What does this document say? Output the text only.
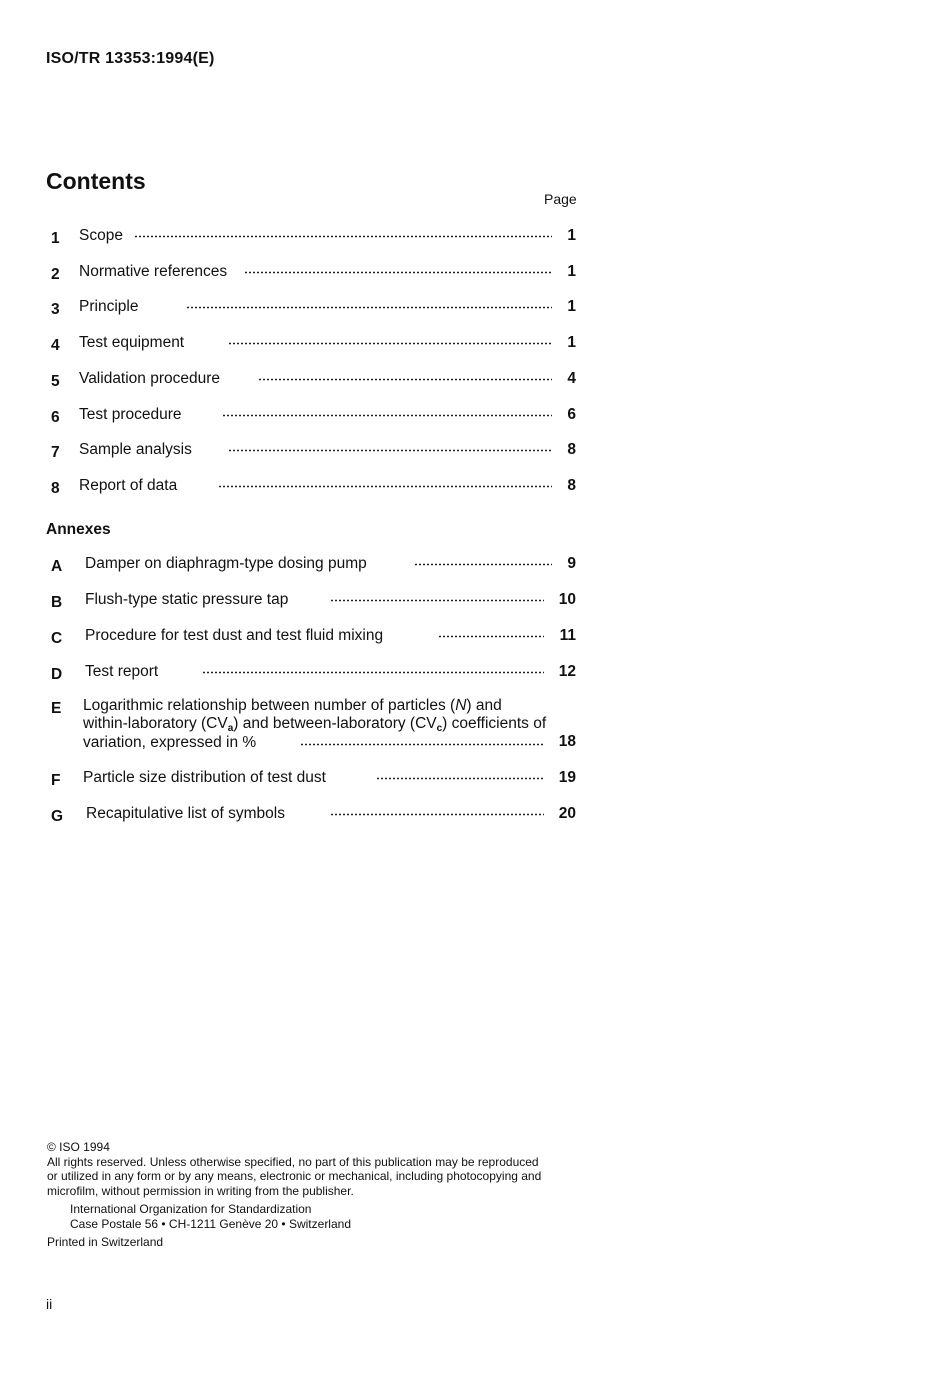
ISO/TR 13353:1994(E)
Contents
Page
1 Scope	1
2 Normative references	1
3 Principle	1
4 Test equipment	1
5 Validation procedure	4
6 Test procedure	6
7 Sample analysis	8
8 Report of data	8
Annexes
A Damper on diaphragm-type dosing pump	9
B Flush-type static pressure tap	10
C Procedure for test dust and test fluid mixing	11
D Test report	12
E Logarithmic relationship between number of particles (N) and
within-laboratory $(CV_a)$ and between-laboratory $(CV_c)$ coefficients of
variation, expressed in %	18
F Particle size distribution of test dust	19
G Recapitulative list of symbols	20
© ISO 1994
All rights reserved. Unless otherwise specified, no part of this publication may be reproduced
or utilized in any form or by any means, electronic or mechanical, including photocopying and
microfilm, without permission in writing from the publisher.
International Organization for Standardization
Case Postale 56 • CH-1211 Genève 20 • Switzerland
Printed in Switzerland
ii
